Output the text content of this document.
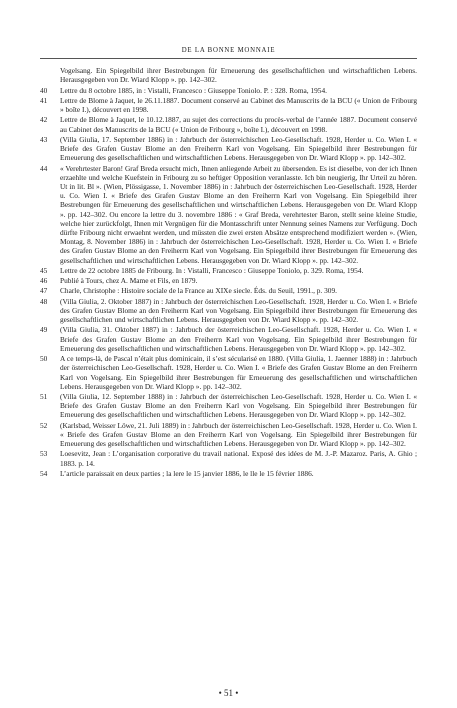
DE LA BONNE MONNAIE
Vogelsang. Ein Spiegelbild ihrer Bestrebungen für Erneuerung des gesellschaftlichen und wirtschaftlichen Lebens. Herausgegeben von Dr. Wiard Klopp ». pp. 142–302.
40	Lettre du 8 octobre 1885, in : Vistalli, Francesco : Giuseppe Toniolo. P. : 328. Roma, 1954.
41	Lettre de Blome à Jaquet, le 26.11.1887. Document conservé au Cabinet des Manuscrits de la BCU (« Union de Fribourg » boîte I.), découvert en 1998.
42	Lettre de Blome à Jaquet, le 10.12.1887, au sujet des corrections du procès-verbal de l’année 1887. Document conservé au Cabinet des Manuscrits de la BCU (« Union de Fribourg », boîte I.), découvert en 1998.
43	(Villa Giulia, 17. September 1886) in : Jahrbuch der österreichischen Leo-Gesellschaft. 1928, Herder u. Co. Wien I. « Briefe des Grafen Gustav Blome an den Freiherrn Karl von Vogelsang. Ein Spiegelbild ihrer Bestrebungen für Erneuerung des gesellschaftlichen und wirtschaftlichen Lebens. Herausgegeben von Dr. Wiard Klopp ». pp. 142–302.
44	« Verehrtester Baron! Graf Breda ersucht mich, Ihnen anliegende Arbeit zu übersenden. Es ist dieselbe, von der ich Ihnen erzaehlte und welche Kuefstein in Fribourg zu so heftiger Opposition veranlasste. Ich bin neugierig, Ihr Urteil zu hören. Ut in lit. Bl ». (Wien, Plössigasse, 1. November 1886) in : Jahrbuch der österreichischen Leo-Gesellschaft. 1928, Herder u. Co. Wien I. « Briefe des Grafen Gustav Blome an den Freiherrn Karl von Vogelsang. Ein Spiegelbild ihrer Bestrebungen für Erneuerung des gesellschaftlichen und wirtschaftlichen Lebens. Herausgegeben von Dr. Wiard Klopp ». pp. 142–302. Ou encore la lettre du 3. novembre 1886 : « Graf Breda, verehrtester Baron, stellt seine kleine Studie, welche hier zurückfolgt, Ihnen mit Vergnügen für die Montasschrift unter Nennung seines Namens zur Verfügung. Doch dürfte Fribourg nicht erwaehnt werden, und müssten die zwei ersten Absätze entsprechend modifiziert werden ». (Wien, Montag, 8. November 1886) in : Jahrbuch der österreichischen Leo-Gesellschaft. 1928, Herder u. Co. Wien I. « Briefe des Grafen Gustav Blome an den Freiherrn Karl von Vogelsang. Ein Spiegelbild ihrer Bestrebungen für Erneuerung des gesellschaftlichen und wirtschaftlichen Lebens. Herausgegeben von Dr. Wiard Klopp ». pp. 142–302.
45	Lettre de 22 octobre 1885 de Fribourg. In : Vistalli, Francesco : Giuseppe Toniolo, p. 329. Roma, 1954.
46	Publié à Tours, chez A. Mame et Fils, en 1879.
47	Charle, Christophe : Histoire sociale de la France au XIXe siecle. Éds. du Seuil, 1991., p. 309.
48	(Villa Giulia, 2. Oktober 1887) in : Jahrbuch der österreichischen Leo-Gesellschaft. 1928, Herder u. Co. Wien I. « Briefe des Grafen Gustav Blome an den Freiherrn Karl von Vogelsang. Ein Spiegelbild ihrer Bestrebungen für Erneuerung des gesellschaftlichen und wirtschaftlichen Lebens. Herausgegeben von Dr. Wiard Klopp ». pp. 142–302.
49	(Villa Giulia, 31. Oktober 1887) in : Jahrbuch der österreichischen Leo-Gesellschaft. 1928, Herder u. Co. Wien I. « Briefe des Grafen Gustav Blome an den Freiherrn Karl von Vogelsang. Ein Spiegelbild ihrer Bestrebungen für Erneuerung des gesellschaftlichen und wirtschaftlichen Lebens. Herausgegeben von Dr. Wiard Klopp ». pp. 142–302.
50	A ce temps-là, de Pascal n’était plus dominicain, il s’est sécularisé en 1880. (Villa Giulia, 1. Jaenner 1888) in : Jahrbuch der österreichischen Leo-Gesellschaft. 1928, Herder u. Co. Wien I. « Briefe des Grafen Gustav Blome an den Freiherrn Karl von Vogelsang. Ein Spiegelbild ihrer Bestrebungen für Erneuerung des gesellschaftlichen und wirtschaftlichen Lebens. Herausgegeben von Dr. Wiard Klopp ». pp. 142–302.
51	(Villa Giulia, 12. September 1888) in : Jahrbuch der österreichischen Leo-Gesellschaft. 1928, Herder u. Co. Wien I. « Briefe des Grafen Gustav Blome an den Freiherrn Karl von Vogelsang. Ein Spiegelbild ihrer Bestrebungen für Erneuerung des gesellschaftlichen und wirtschaftlichen Lebens. Herausgegeben von Dr. Wiard Klopp ». pp. 142–302.
52	(Karlsbad, Weisser Löwe, 21. Juli 1889) in : Jahrbuch der österreichischen Leo-Gesellschaft. 1928, Herder u. Co. Wien I. « Briefe des Grafen Gustav Blome an den Freiherrn Karl von Vogelsang. Ein Spiegelbild ihrer Bestrebungen für Erneuerung des gesellschaftlichen und wirtschaftlichen Lebens. Herausgegeben von Dr. Wiard Klopp ». pp. 142–302.
53	Loesevitz, Jean : L’organisation corporative du travail national. Exposé des idées de M. J.-P. Mazaroz. Paris, A. Ghio ; 1883. p. 14.
54	L’article paraissait en deux parties ; la lere le 15 janvier 1886, le lle le 15 février 1886.
• 51 •
